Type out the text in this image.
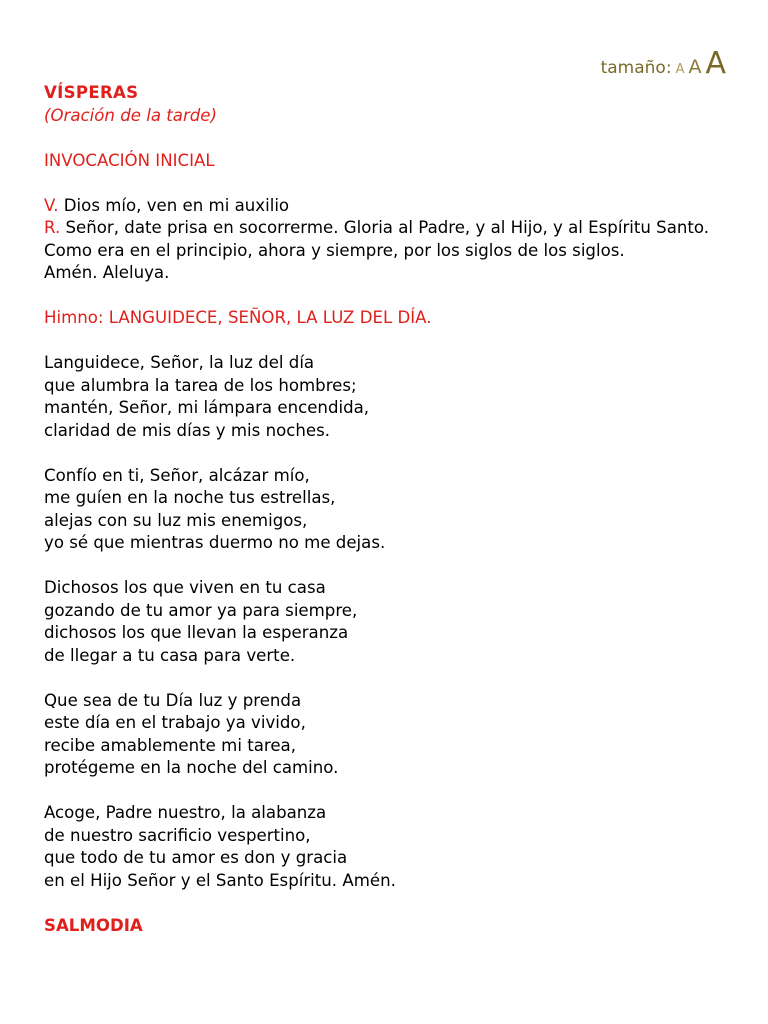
tamaño: A A A
VÍSPERAS
(Oración de la tarde)
INVOCACIÓN INICIAL
V. Dios mío, ven en mi auxilio
R. Señor, date prisa en socorrerme. Gloria al Padre, y al Hijo, y al Espíritu Santo.
Como era en el principio, ahora y siempre, por los siglos de los siglos.
Amén. Aleluya.
Himno: LANGUIDECE, SEÑOR, LA LUZ DEL DÍA.
Languidece, Señor, la luz del día
que alumbra la tarea de los hombres;
mantén, Señor, mi lámpara encendida,
claridad de mis días y mis noches.
Confío en ti, Señor, alcázar mío,
me guíen en la noche tus estrellas,
alejas con su luz mis enemigos,
yo sé que mientras duermo no me dejas.
Dichosos los que viven en tu casa
gozando de tu amor ya para siempre,
dichosos los que llevan la esperanza
de llegar a tu casa para verte.
Que sea de tu Día luz y prenda
este día en el trabajo ya vivido,
recibe amablemente mi tarea,
protégeme en la noche del camino.
Acoge, Padre nuestro, la alabanza
de nuestro sacrificio vespertino,
que todo de tu amor es don y gracia
en el Hijo Señor y el Santo Espíritu. Amén.
SALMODIA
